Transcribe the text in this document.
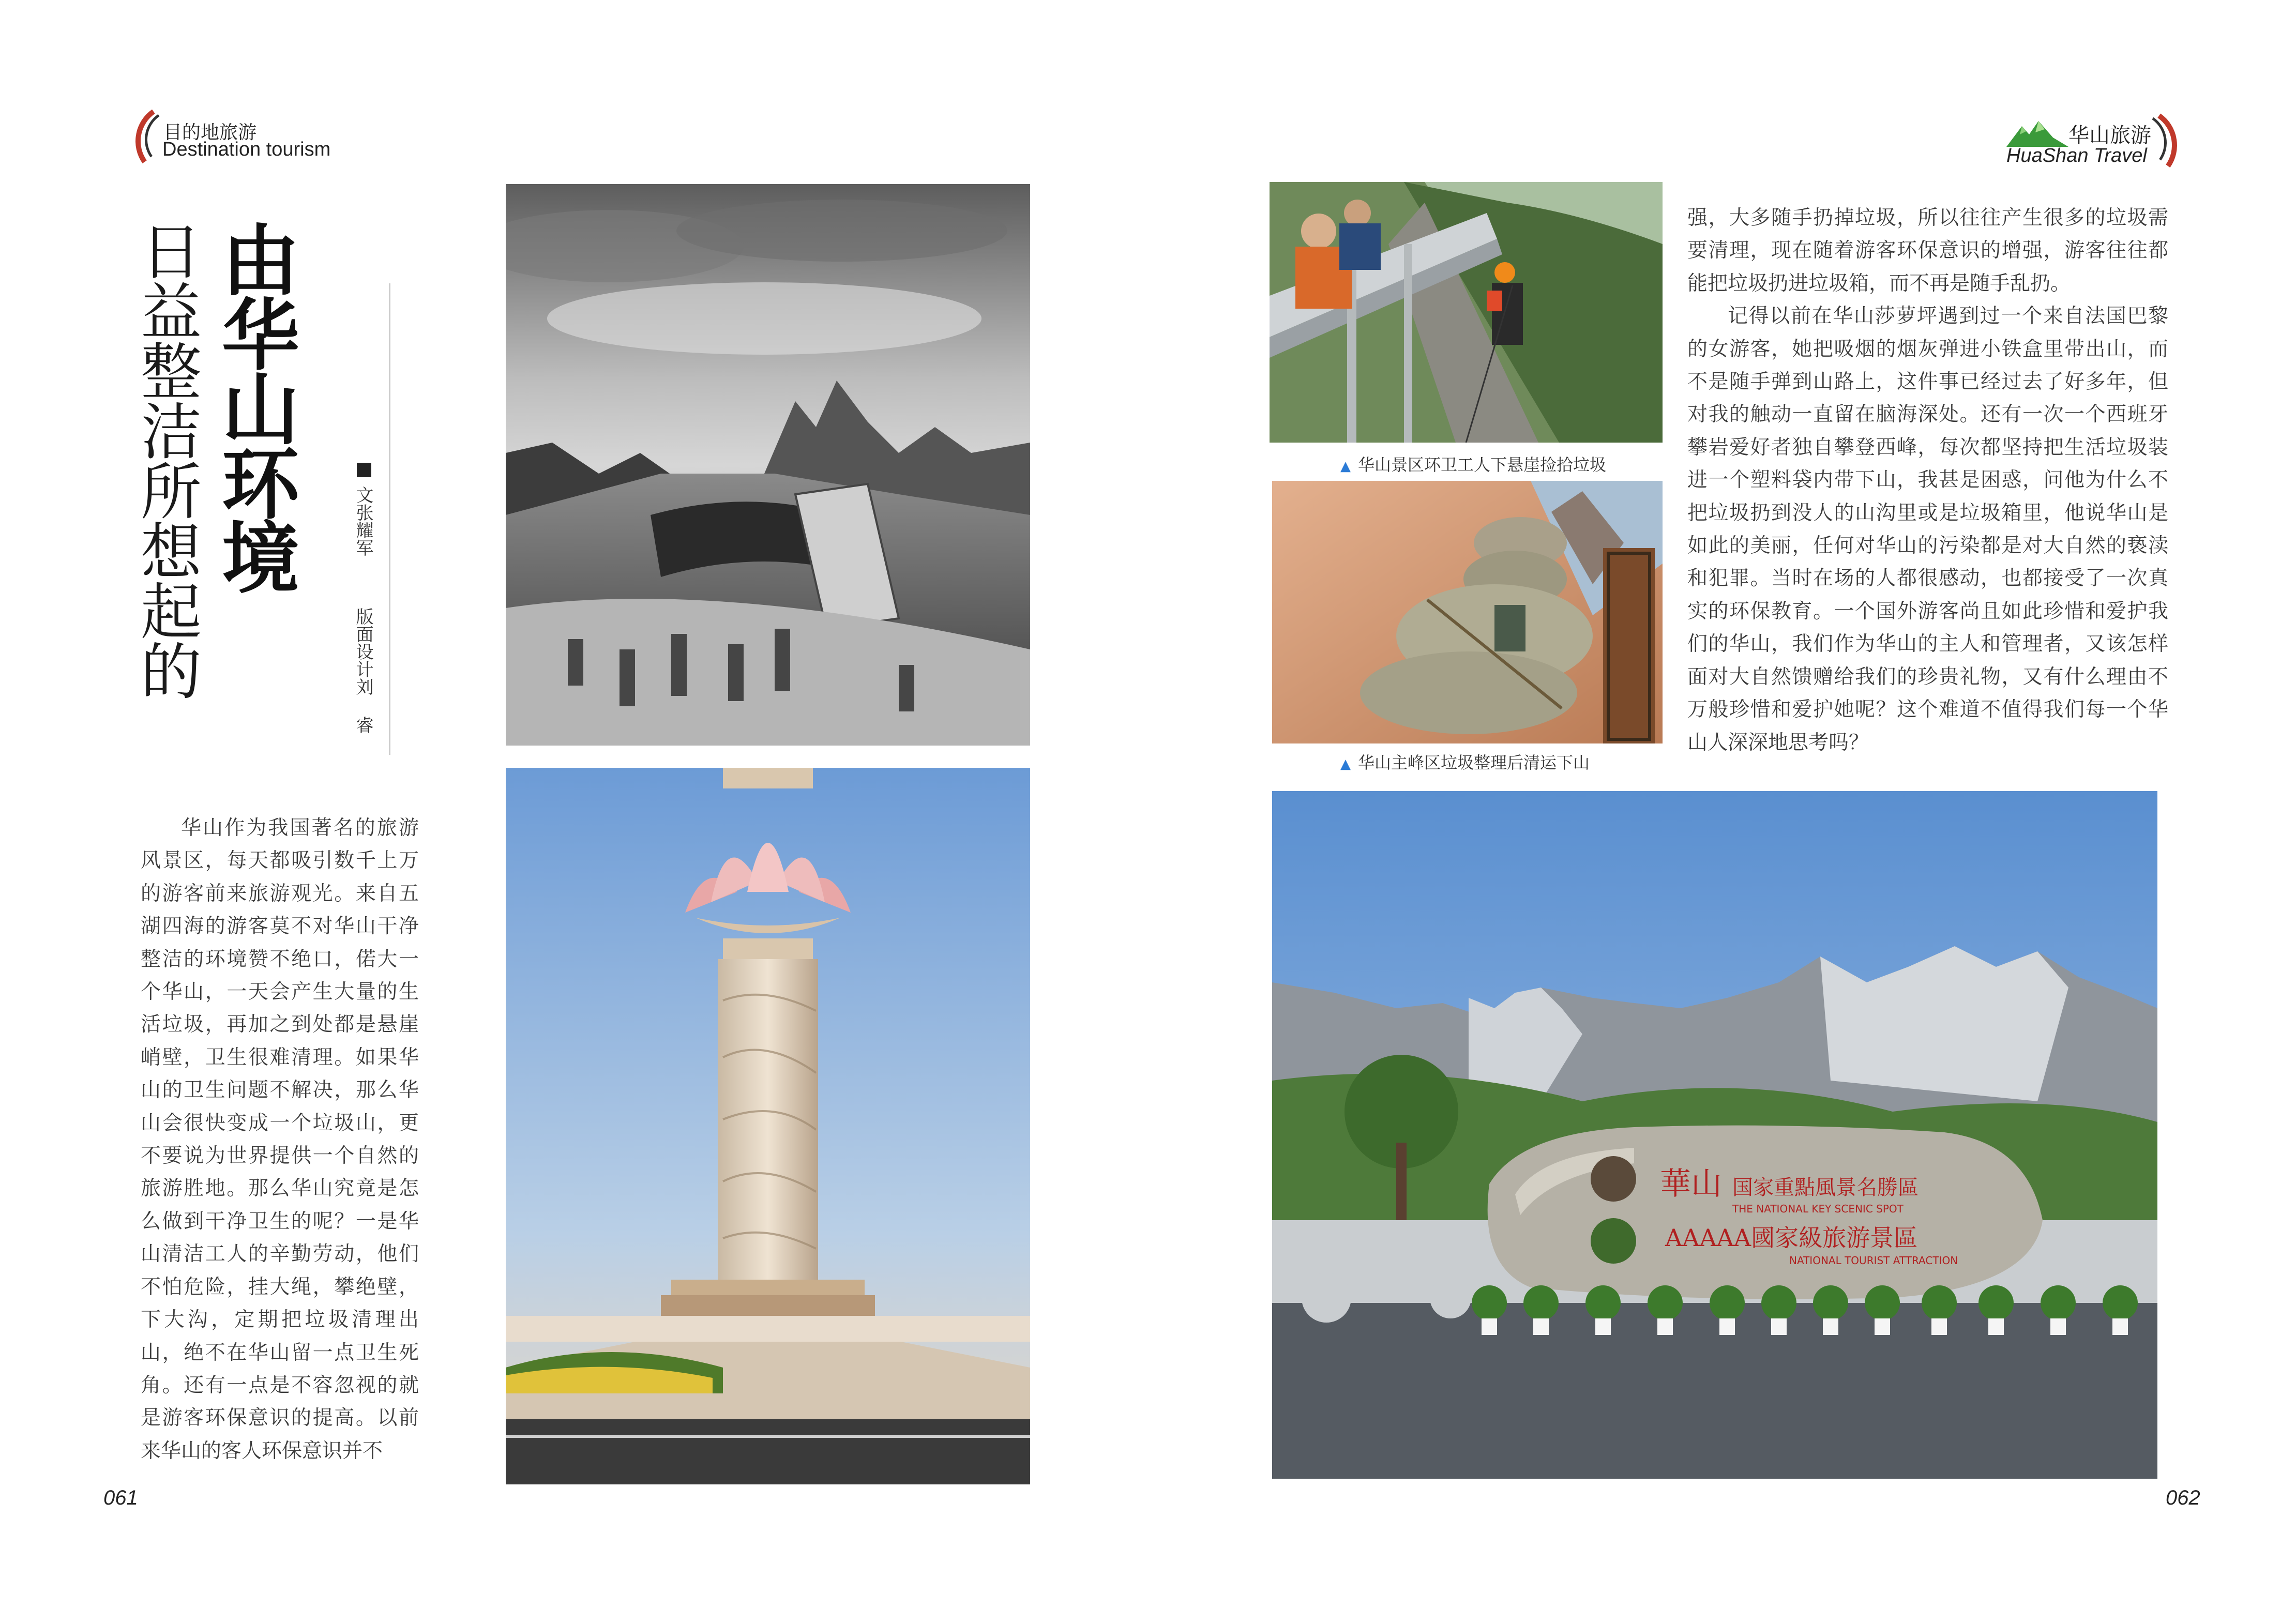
目的地旅游
Destination tourism
华山旅游
HuaShan Travel
由华山环境
日益整洁所想起的	文张耀军
版面设计刘 睿

华山作为我国著名的旅游风景区，每天都吸引数千上万的游客前来旅游观光。来自五湖四海的游客莫不对华山干净整洁的环境赞不绝口，偌大一个华山，一天会产生大量的生活垃圾，再加之到处都是悬崖峭壁，卫生很难清理。如果华山的卫生问题不解决，那么华山会很快变成一个垃圾山，更不要说为世界提供一个自然的旅游胜地。那么华山究竟是怎么做到干净卫生的呢？一是华山清洁工人的辛勤劳动，他们不怕危险，挂大绳，攀绝壁，下大沟，定期把垃圾清理出山，绝不在华山留一点卫生死角。还有一点是不容忽视的就是游客环保意识的提高。以前来华山的客人环保意识并不

▲ 华山景区环卫工人下悬崖捡拾垃圾
▲ 华山主峰区垃圾整理后清运下山

强，大多随手扔掉垃圾，所以往往产生很多的垃圾需要清理，现在随着游客环保意识的增强，游客往往都能把垃圾扔进垃圾箱，而不再是随手乱扔。

记得以前在华山莎萝坪遇到过一个来自法国巴黎的女游客，她把吸烟的烟灰弹进小铁盒里带出山，而不是随手弹到山路上，这件事已经过去了好多年，但对我的触动一直留在脑海深处。还有一次一个西班牙攀岩爱好者独自攀登西峰，每次都坚持把生活垃圾装进一个塑料袋内带下山，我甚是困惑，问他为什么不把垃圾扔到没人的山沟里或是垃圾箱里，他说华山是如此的美丽，任何对华山的污染都是对大自然的亵渎和犯罪。当时在场的人都很感动，也都接受了一次真实的环保教育。一个国外游客尚且如此珍惜和爱护我们的华山，我们作为华山的主人和管理者，又该怎样面对大自然馈赠给我们的珍贵礼物，又有什么理由不万般珍惜和爱护她呢？这个难道不值得我们每一个华山人深深地思考吗？

華山 国家重點風景名勝區
THE NATIONAL KEY SCENIC SPOT
AAAAA國家級旅游景區
NATIONAL TOURIST ATTRACTION
061	062
